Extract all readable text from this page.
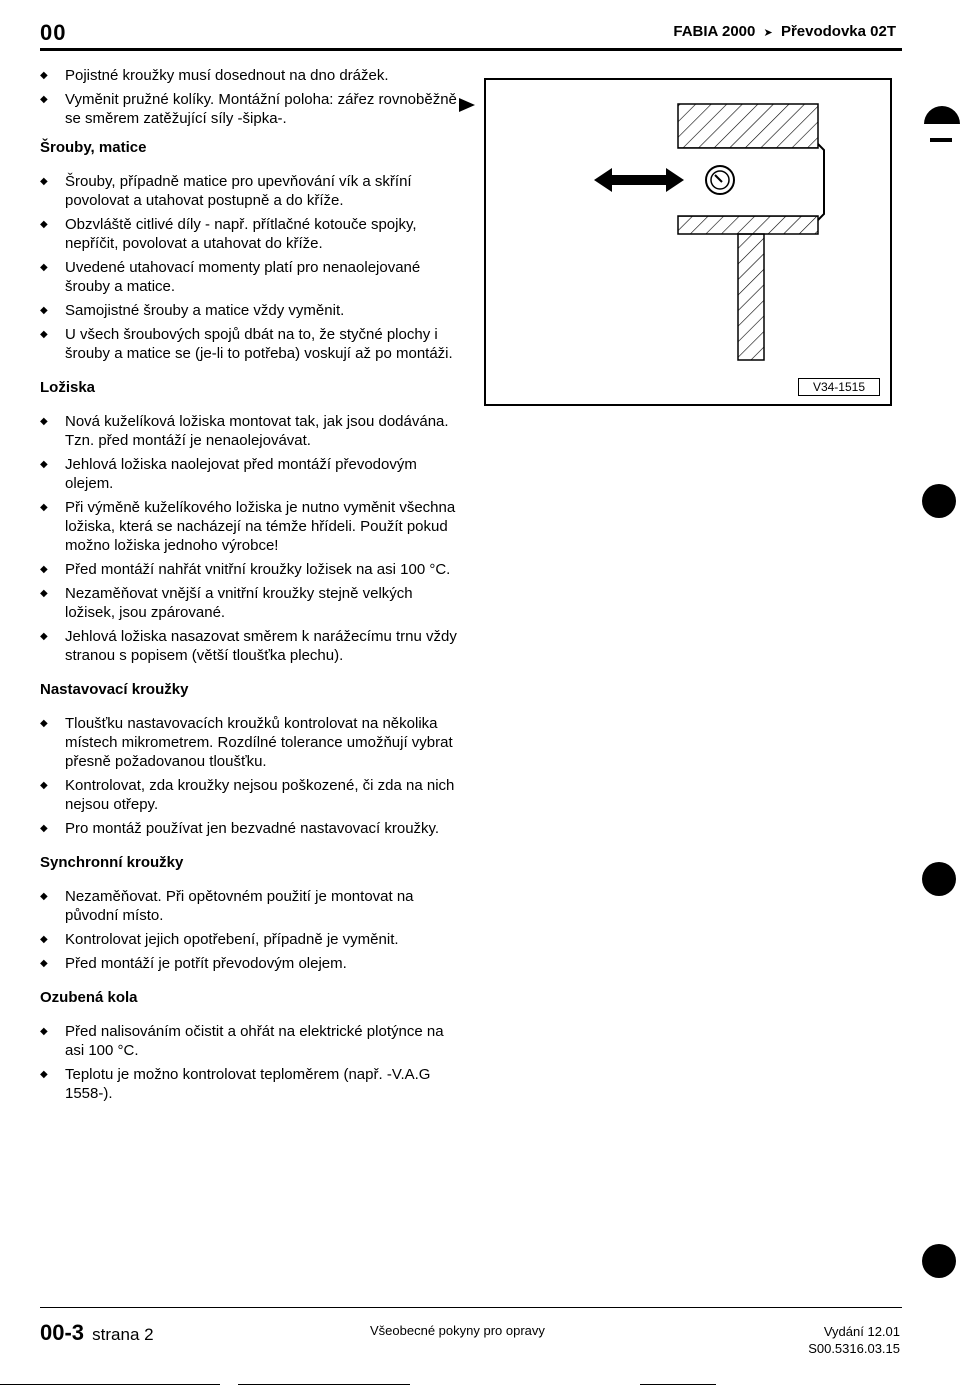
00	FABIA 2000 ➤ Převodovka 02T
◆ Pojistné kroužky musí dosednout na dno drážek.
◆ Vyměnit pružné kolíky. Montážní poloha: zářez rovnoběžně se směrem zatěžující síly -šipka-.
Šrouby, matice
◆ Šrouby, případně matice pro upevňování vík a skříní povolovat a utahovat postupně a do kříže.
◆ Obzvláště citlivé díly - např. přítlačné kotouče spojky, nepříčit, povolovat a utahovat do kříže.
◆ Uvedené utahovací momenty platí pro nenaolejované šrouby a matice.
◆ Samojistné šrouby a matice vždy vyměnit.
◆ U všech šroubových spojů dbát na to, že styčné plochy i šrouby a matice se (je-li to potřeba) voskují až po montáži.
Ložiska
◆ Nová kuželíková ložiska montovat tak, jak jsou dodávána. Tzn. před montáží je nenaolejovávat.
◆ Jehlová ložiska naolejovat před montáží převodovým olejem.
◆ Při výměně kuželíkového ložiska je nutno vyměnit všechna ložiska, která se nacházejí na témže hřídeli. Použít pokud možno ložiska jednoho výrobce!
◆ Před montáží nahřát vnitřní kroužky ložisek na asi 100 °C.
◆ Nezaměňovat vnější a vnitřní kroužky stejně velkých ložisek, jsou zpárované.
◆ Jehlová ložiska nasazovat směrem k narážecímu trnu vždy stranou s popisem (větší tloušťka plechu).
Nastavovací kroužky
◆ Tloušťku nastavovacích kroužků kontrolovat na několika místech mikrometrem. Rozdílné tolerance umožňují vybrat přesně požadovanou tloušťku.
◆ Kontrolovat, zda kroužky nejsou poškozené, či zda na nich nejsou otřepy.
◆ Pro montáž používat jen bezvadné nastavovací kroužky.
Synchronní kroužky
◆ Nezaměňovat. Při opětovném použití je montovat na původní místo.
◆ Kontrolovat jejich opotřebení, případně je vyměnit.
◆ Před montáží je potřít převodovým olejem.
Ozubená kola
◆ Před nalisováním očistit a ohřát na elektrické plotýnce na asi 100 °C.
◆ Teplotu je možno kontrolovat teploměrem (např. -V.A.G 1558-).
V34-1515
00-3 strana 2	Všeobecné pokyny pro opravy	Vydání 12.01
S00.5316.03.15
